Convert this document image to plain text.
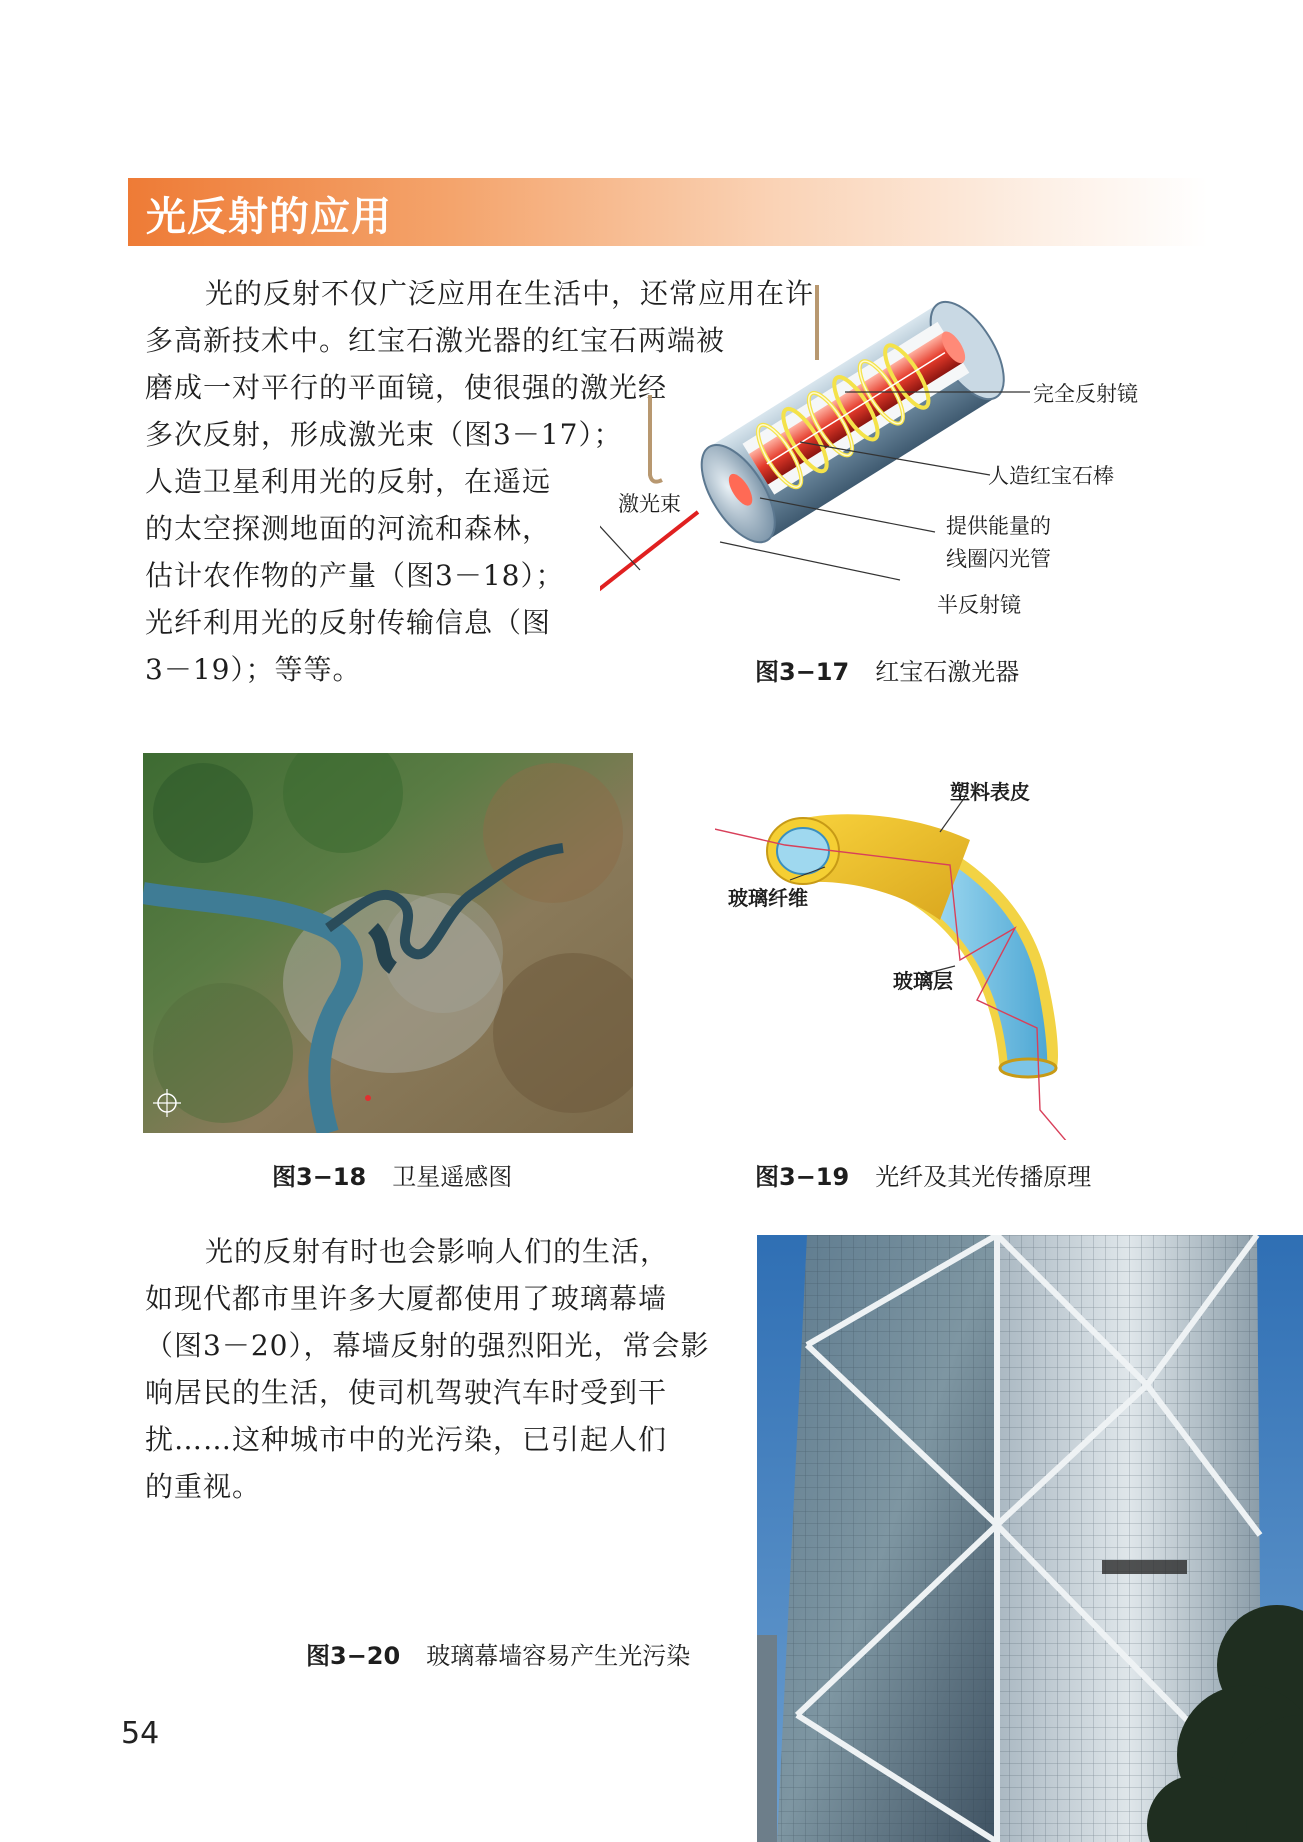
光反射的应用
光的反射不仅广泛应用在生活中，还常应用在许
多高新技术中。红宝石激光器的红宝石两端被
磨成一对平行的平面镜，使很强的激光经
多次反射，形成激光束（图3－17）；
人造卫星利用光的反射，在遥远
的太空探测地面的河流和森林，
估计农作物的产量（图3－18）；
光纤利用光的反射传输信息（图
3－19）；等等。
完全反射镜
人造红宝石棒
提供能量的
线圈闪光管
半反射镜
激光束
图3−17 红宝石激光器
图3−18 卫星遥感图
塑料表皮
玻璃纤维
玻璃层
图3−19 光纤及其光传播原理
光的反射有时也会影响人们的生活，
如现代都市里许多大厦都使用了玻璃幕墙
（图3－20），幕墙反射的强烈阳光，常会影
响居民的生活，使司机驾驶汽车时受到干
扰……这种城市中的光污染，已引起人们
的重视。
图3−20 玻璃幕墙容易产生光污染
54
